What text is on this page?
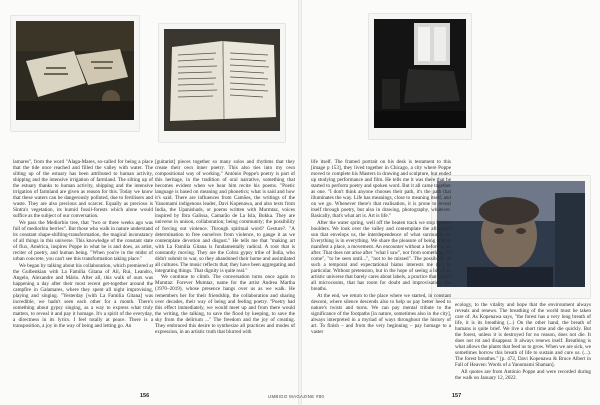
lamares", from the word "Alaga-Mares, so-called for being a place that the tide once reached and filled the valley with water. The silting up of the estuary has been attributed to human activity, shipping and the intensive irrigation of farmland. The silting up of the estuary thanks to human activity, shipping and the intensive irrigation of farmland are given as reason for this. Today we know that these waters can be dangerously polluted, due to fertilisers and waste. They are also precious and scarcer. Equally as precious is Sintra's vegetation, its humid fossil-forests which alone would suffice as the subject of our conversation.

We pass the Mediorbio tree, that "two or three weeks ago was full of mediorbio berries". But those who walk in nature understand its constant shape-shifting-transformation, the magical inconstancy of all things in this universe. This knowledge of the constant state of flux, América, inspires Poppe in what he is and does, as artist, reciter of poetry, and human being. "When you're in the midst of urban concrete, you can't see this transformation taking place."

We began by talking about his collaboration, which premiered at the Gulbenkian with La Familia Gitana of Ali, Rui, Leandro, Angelo, Alexandre and Mário. After all, this walk of ours was happening a day after their most recent get-together around the campfire in Galamares, where they spent all night improvising, playing and singing. "Yesterday [with La Familia Gitana] was incredible, we hadn't seen each other for a month. There's something about gypsy singing, as a way to express what truly matters, to reveal it and pay it homage. It's a spirit of the everyday, a directness in its lyrics. I feel totally at peace. There is a transposition, a joy in the way of being and letting go. An

[guitarist] pieces together so many solos and rhythms that they create their own inner poetry. This also ties into my own compositional way of working." António Poppe's poetry is part of this heritage, in the tradition of oral narrative, something that becomes evident when we hear him recite his poems. "Poetic language is based on meaning and phonetics; what is said and how it's said. There are influences from Camões, the writings of the Yanomami indigenous leader, Davi Kopenawa, and also texts from India, the Upanishads, or poems written with Murmtaz, voices inspired by Ibra Galissa, Camarão de La Isla, Bukka. They are universe in unison, collaboration; being community; the possibility of forcing out violence. Through spiritual word? Gesture?. "A determination to free ourselves from violence, to gauge it as we contemplate devotion and disgust." He tells me that "making art with La Familia Gitana is fundamentally radical. A root that is constantly moving. They are the Cobra gypsy tribe of India, who didn't submit to war, so they abandoned their home and assimilated all cultures. The music reflects that; they have been aggregating and integrating things. That dignity is quite real."

We continue to climb. The conversation turns once again to Mumtaz: Forever Mumtaz, name for the artist Andrea Martha (1970–2019), whose presence hangs over us as we walk. He remembers her for their friendship, the collaboration and sharing over decades, their way of being and feeling poetry. "Poetry had this effect immediately, we would meet up and from there would the writing, the talking, to save the flood by keeping, to save the sky from the delirium ..." The freedom and the joy of creating. They embraced this desire to synthesize all practices and modes of expression, in an artistic truth that blurred with

life itself. The framed portrait on his desk is testament to this [image p 153], they lived together in Chicago, a city where Poppe moved to complete his Masters in drawing and sculpture, but ended up studying performance and film. He tells me it was there that he started to perform poetry and spoken word. But it all came together as one. "I don't think anyone chooses their path, it's the path that illuminates the way. Life has meanings, close to meaning itself, and on we go. Whenever there's that realisation, it is prone to reveal itself through poetry, but also in drawing, photography, whatever. Basically, that's what art is. Art is life."

After the water spring, well off the beaten track we stop by two boulders. We look over the valley and contemplate the afternoon sun that envelops us, the interdependence of what surrounds us. Everything is in everything. We share the pleasure of being able to manifest a place, a movement. An encounter without a before or an after. That does not arise after "what I saw", nor from something "to come", "to be seen until...", "not to be missed". The possibility of such a temporal and expectational hiatus interests me (us) in particular. Without pretension, but in the hope of seeing a bit of an artistic universe that barely cares about labels, a practice that values all microcosms, that has room for doubt and improvisation, the breaths.

At the end, we return to the place where we started, in constant descent, where silence descends also to help us pay better heed to nature's twists and turns. We can pay mental tribute to the significance of the footpaths [in nature, sometimes also in the city], always interpreted in a myriad of ways throughout the history of art. To finish – and from the very beginning – pay homage to a vaster

ecology, to the vitality and hope that the environment always reveals and renews. The breathing of the world must be taken care of. As Kopenawa says, "the forest has a very long breath of life, it is its breathing (...) On the other hand, the breath of humans is quite brief. We live a short time and die quickly. But the forest, unless it is destroyed for no reason, does not die. It does not rot and disappear. It always renews itself. Breathing is what allows the plants that feed us to grow. When we are sick, we sometimes borrow this breath of life to sustain and cure us. (...). The forest breathes." [p. 472, Davi Kopenawa & Bruce Albert in Fall of Heaven: Words of a Yanomami Shaman].

All quotes are from António Poppe and were recorded during the walk on January 12, 2022.

156	UMBIGO MAGAZINE #80	157
